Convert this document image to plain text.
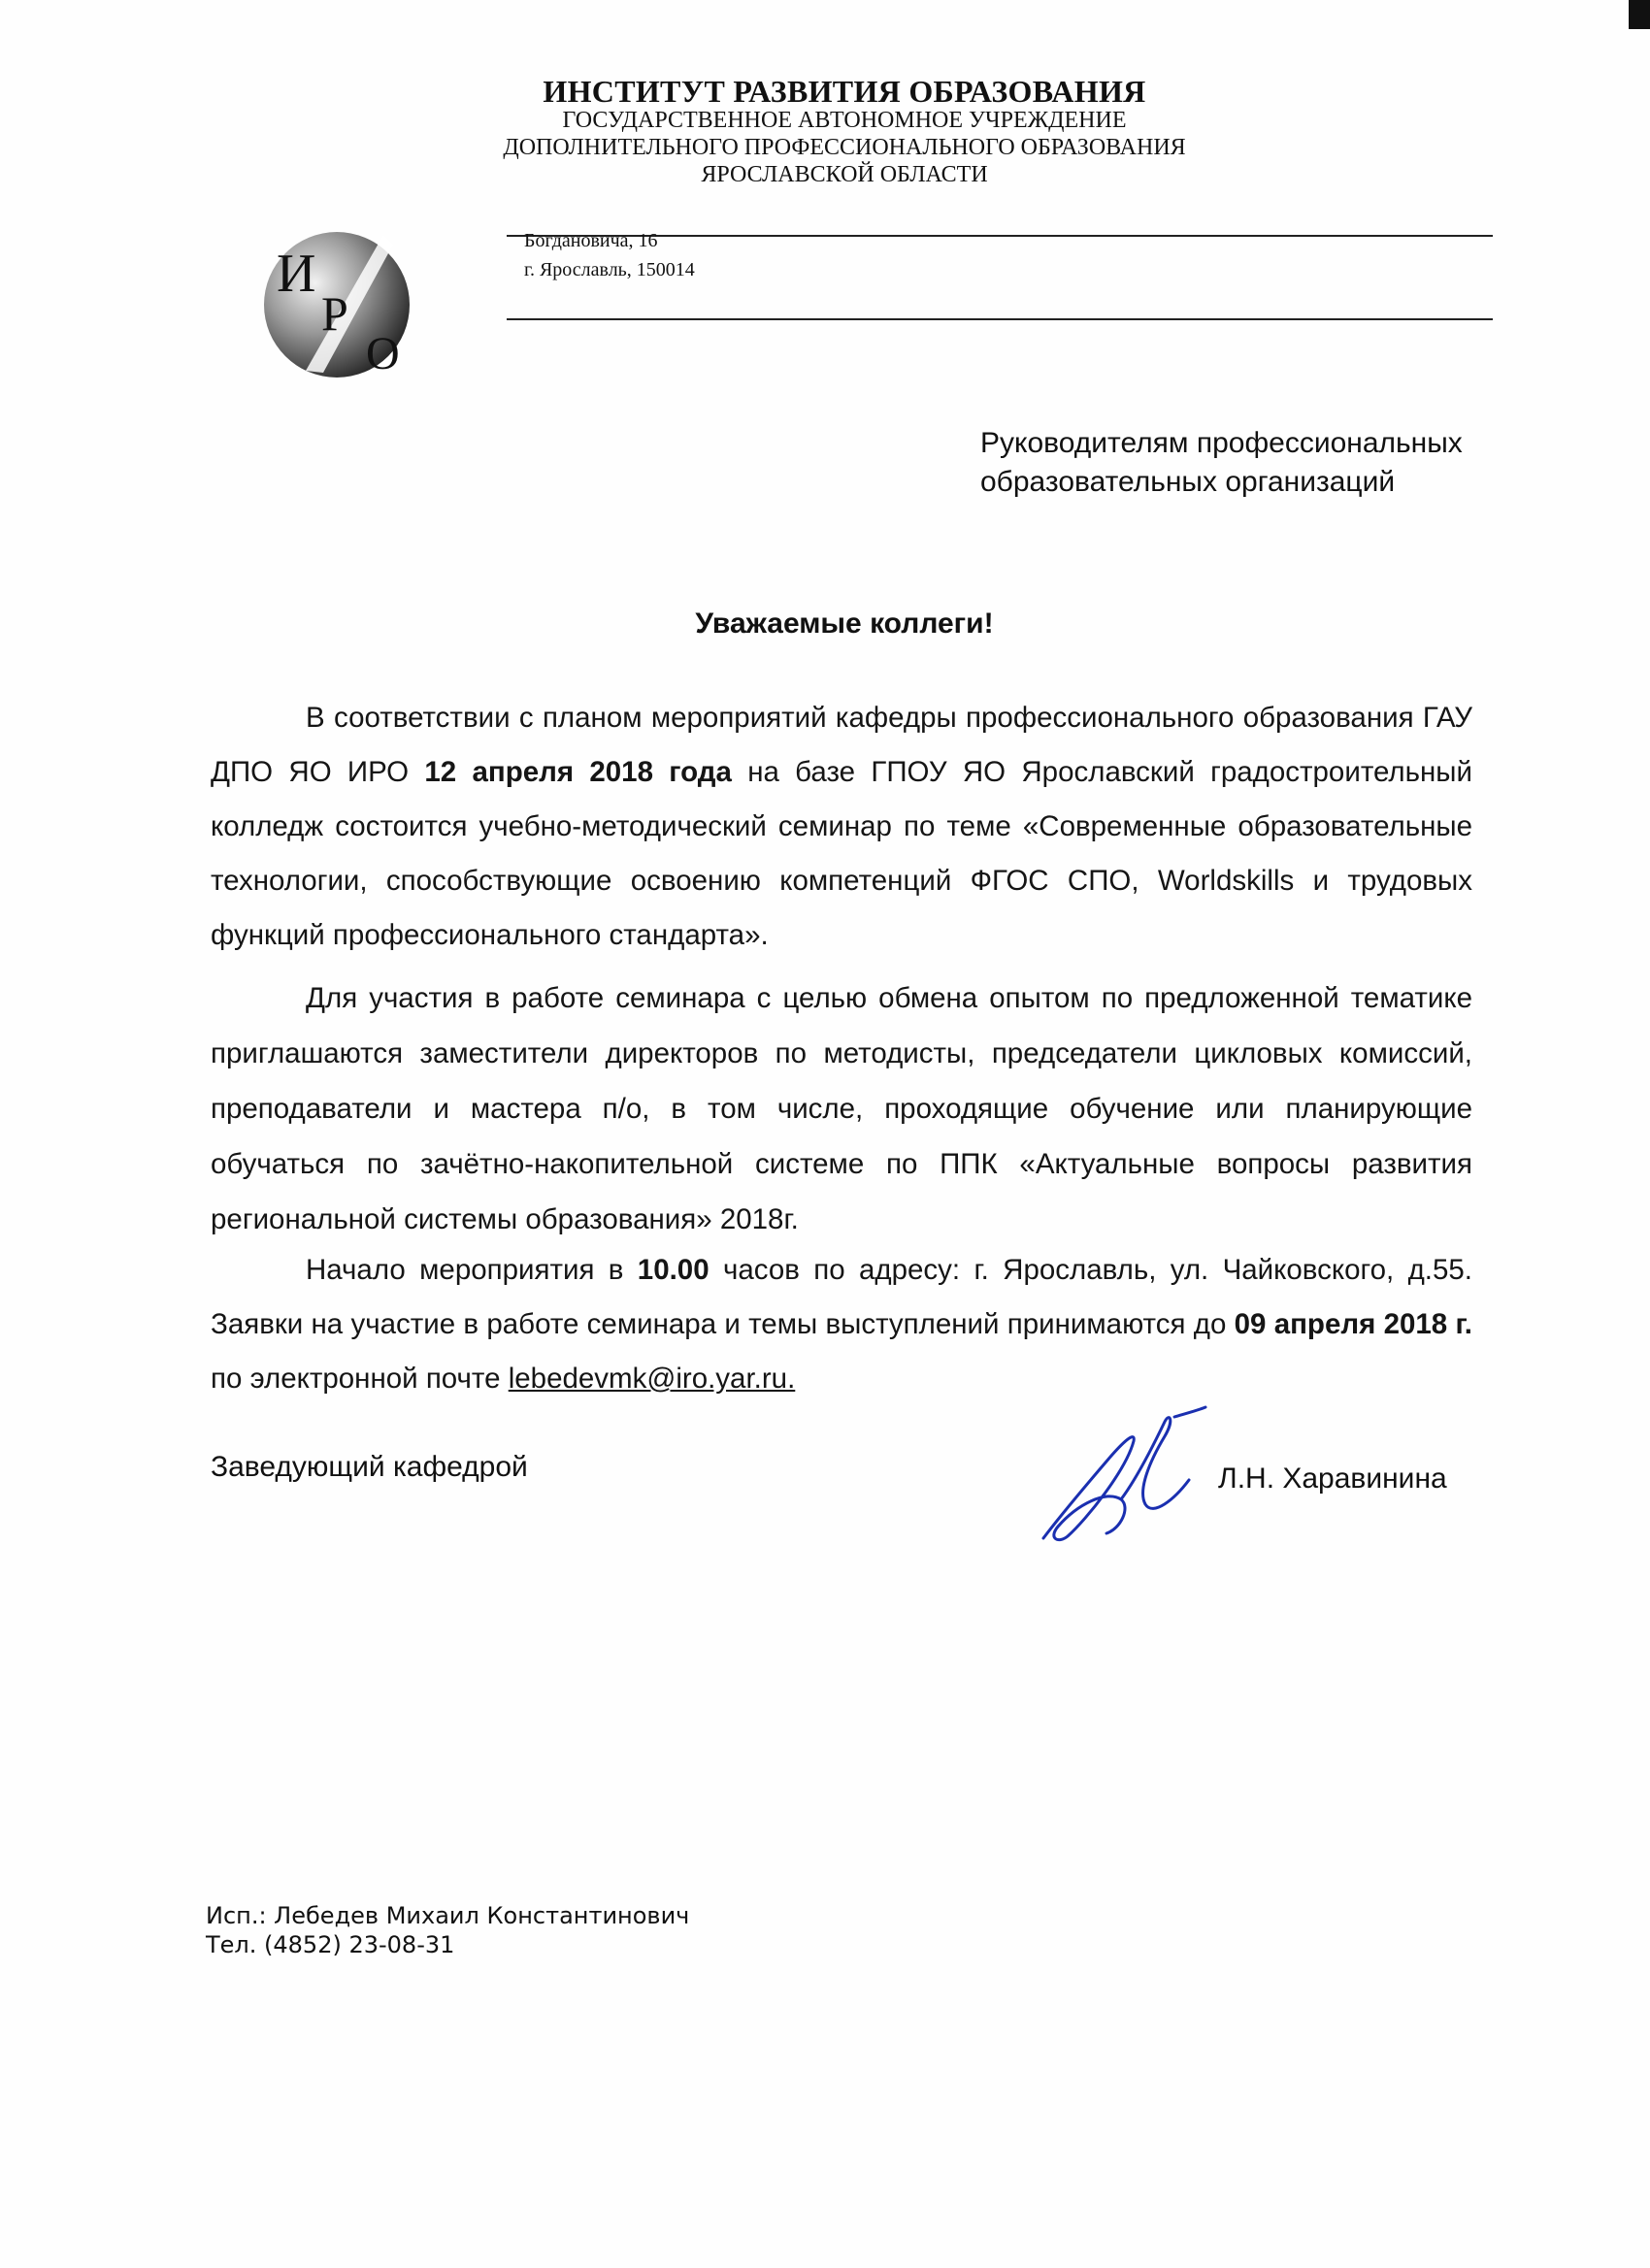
ИНСТИТУТ РАЗВИТИЯ ОБРАЗОВАНИЯ
ГОСУДАРСТВЕННОЕ АВТОНОМНОЕ УЧРЕЖДЕНИЕ
ДОПОЛНИТЕЛЬНОГО ПРОФЕССИОНАЛЬНОГО ОБРАЗОВАНИЯ
ЯРОСЛАВСКОЙ ОБЛАСТИ
И
Р
О
Богдановича, 16
г. Ярославль, 150014
Руководителям профессиональных
образовательных организаций
Уважаемые коллеги!

В соответствии с планом мероприятий кафедры профессионального образования ГАУ ДПО ЯО ИРО 12 апреля 2018 года на базе ГПОУ ЯО Ярославский градостроительный колледж состоится учебно-методический семинар по теме «Современные образовательные технологии, способствующие освоению компетенций ФГОС СПО, Worldskills и трудовых функций профессионального стандарта».

Для участия в работе семинара с целью обмена опытом по предложенной тематике приглашаются заместители директоров по методисты, председатели цикловых комиссий, преподаватели и мастера п/о, в том числе, проходящие обучение или планирующие обучаться по зачётно-накопительной системе по ППК «Актуальные вопросы развития региональной системы образования» 2018г.

Начало мероприятия в 10.00 часов по адресу: г. Ярославль, ул. Чайковского, д.55. Заявки на участие в работе семинара и темы выступлений принимаются до 09 апреля 2018 г. по электронной почте lebedevmk@iro.yar.ru.

Заведующий кафедрой	Л.Н. Харавинина
Исп.: Лебедев Михаил Константинович
Тел. (4852) 23-08-31
